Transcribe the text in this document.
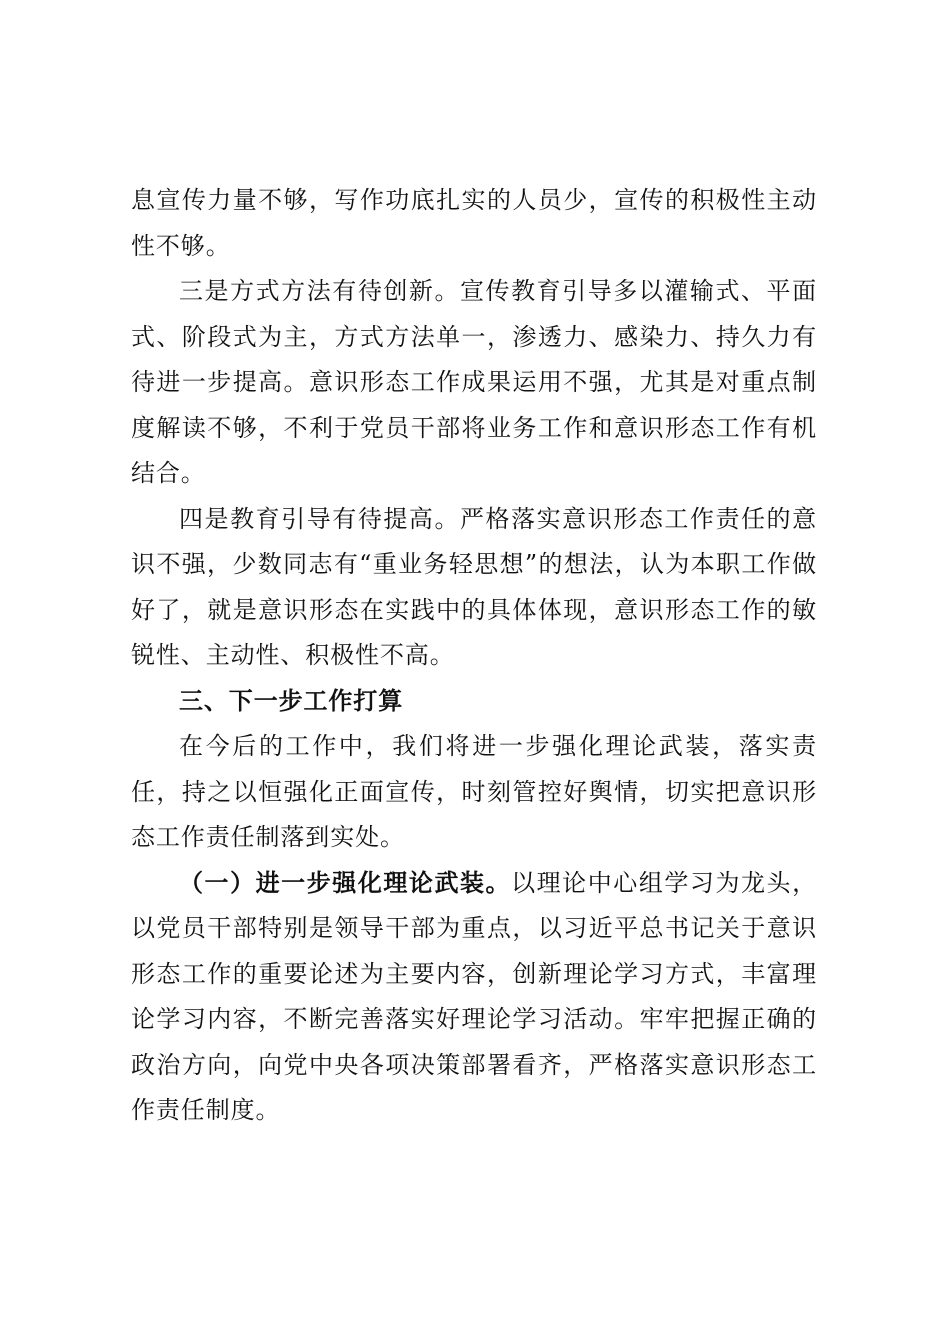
息宣传力量不够，写作功底扎实的人员少，宣传的积极性主动性不够。

三是方式方法有待创新。宣传教育引导多以灌输式、平面式、阶段式为主，方式方法单一，渗透力、感染力、持久力有待进一步提高。意识形态工作成果运用不强，尤其是对重点制度解读不够，不利于党员干部将业务工作和意识形态工作有机结合。

四是教育引导有待提高。严格落实意识形态工作责任的意识不强，少数同志有“重业务轻思想”的想法，认为本职工作做好了，就是意识形态在实践中的具体体现，意识形态工作的敏锐性、主动性、积极性不高。

三、下一步工作打算

在今后的工作中，我们将进一步强化理论武装，落实责任，持之以恒强化正面宣传，时刻管控好舆情，切实把意识形态工作责任制落到实处。

（一）进一步强化理论武装。以理论中心组学习为龙头，以党员干部特别是领导干部为重点，以习近平总书记关于意识形态工作的重要论述为主要内容，创新理论学习方式，丰富理论学习内容，不断完善落实好理论学习活动。牢牢把握正确的政治方向，向党中央各项决策部署看齐，严格落实意识形态工作责任制度。
